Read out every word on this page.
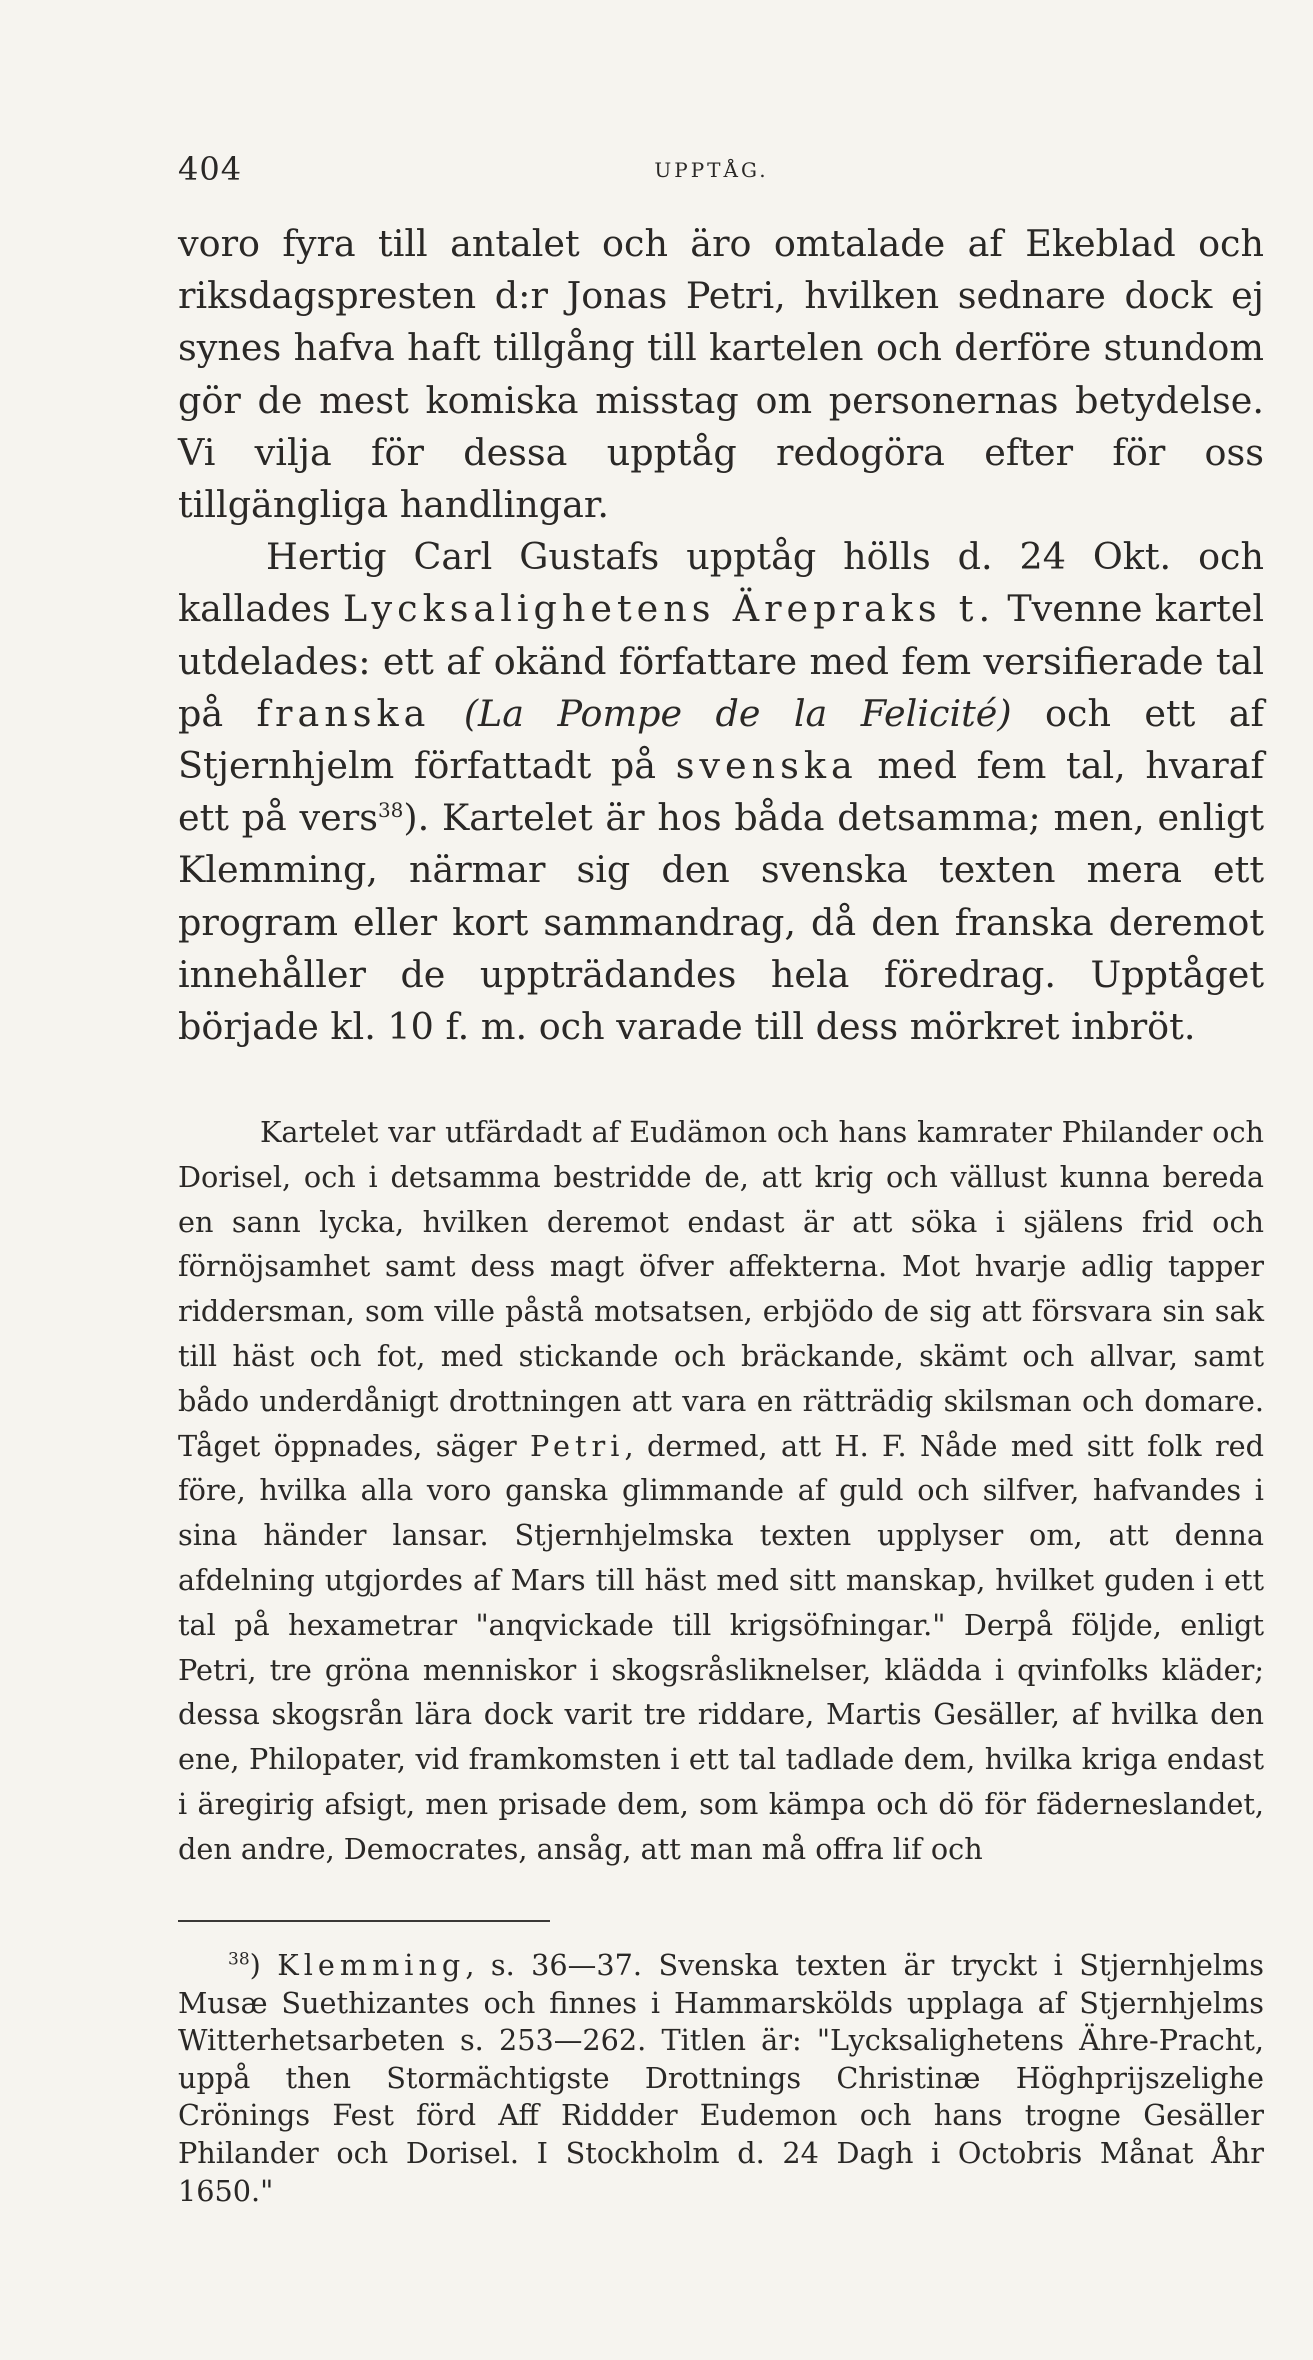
404	UPPTÅG.

voro fyra till antalet och äro omtalade af Ekeblad och riksdagspresten d:r Jonas Petri, hvilken sednare dock ej synes hafva haft tillgång till kartelen och derföre stundom gör de mest komiska misstag om personernas betydelse. Vi vilja för dessa upptåg redogöra efter för oss tillgängliga handlingar.

Hertig Carl Gustafs upptåg hölls d. 24 Okt. och kallades Lycksalighetens Ärepraks t. Tvenne kartel utdelades: ett af okänd författare med fem versifierade tal på franska (La Pompe de la Felicité) och ett af Stjernhjelm författadt på svenska med fem tal, hvaraf ett på vers$^{38}$). Kartelet är hos båda detsamma; men, enligt Klemming, närmar sig den svenska texten mera ett program eller kort sammandrag, då den franska deremot innehåller de uppträdandes hela föredrag. Upptåget började kl. 10 f. m. och varade till dess mörkret inbröt.

Kartelet var utfärdadt af Eudämon och hans kamrater Philander och Dorisel, och i detsamma bestridde de, att krig och vällust kunna bereda en sann lycka, hvilken deremot endast är att söka i själens frid och förnöjsamhet samt dess magt öfver affekterna. Mot hvarje adlig tapper riddersman, som ville påstå motsatsen, erbjödo de sig att försvara sin sak till häst och fot, med stickande och bräckande, skämt och allvar, samt bådo underdånigt drottningen att vara en rätträdig skilsman och domare. Tåget öppnades, säger Petri, dermed, att H. F. Nåde med sitt folk red före, hvilka alla voro ganska glimmande af guld och silfver, hafvandes i sina händer lansar. Stjernhjelmska texten upplyser om, att denna afdelning utgjordes af Mars till häst med sitt manskap, hvilket guden i ett tal på hexametrar "anqvickade till krigsöfningar." Derpå följde, enligt Petri, tre gröna menniskor i skogsråsliknelser, klädda i qvinfolks kläder; dessa skogsrån lära dock varit tre riddare, Martis Gesäller, af hvilka den ene, Philopater, vid framkomsten i ett tal tadlade dem, hvilka kriga endast i äregirig afsigt, men prisade dem, som kämpa och dö för fäderneslandet, den andre, Democrates, ansåg, att man må offra lif och

$^{38}$) Klemming, s. 36—37. Svenska texten är tryckt i Stjernhjelms Musæ Suethizantes och finnes i Hammarskölds upplaga af Stjernhjelms Witterhetsarbeten s. 253—262. Titlen är: "Lycksalighetens Ähre-Pracht, uppå then Stormächtigste Drottnings Christinæ Höghprijszelighe Crönings Fest förd Aff Riddder Eudemon och hans trogne Gesäller Philander och Dorisel. I Stockholm d. 24 Dagh i Octobris Månat Åhr 1650."
